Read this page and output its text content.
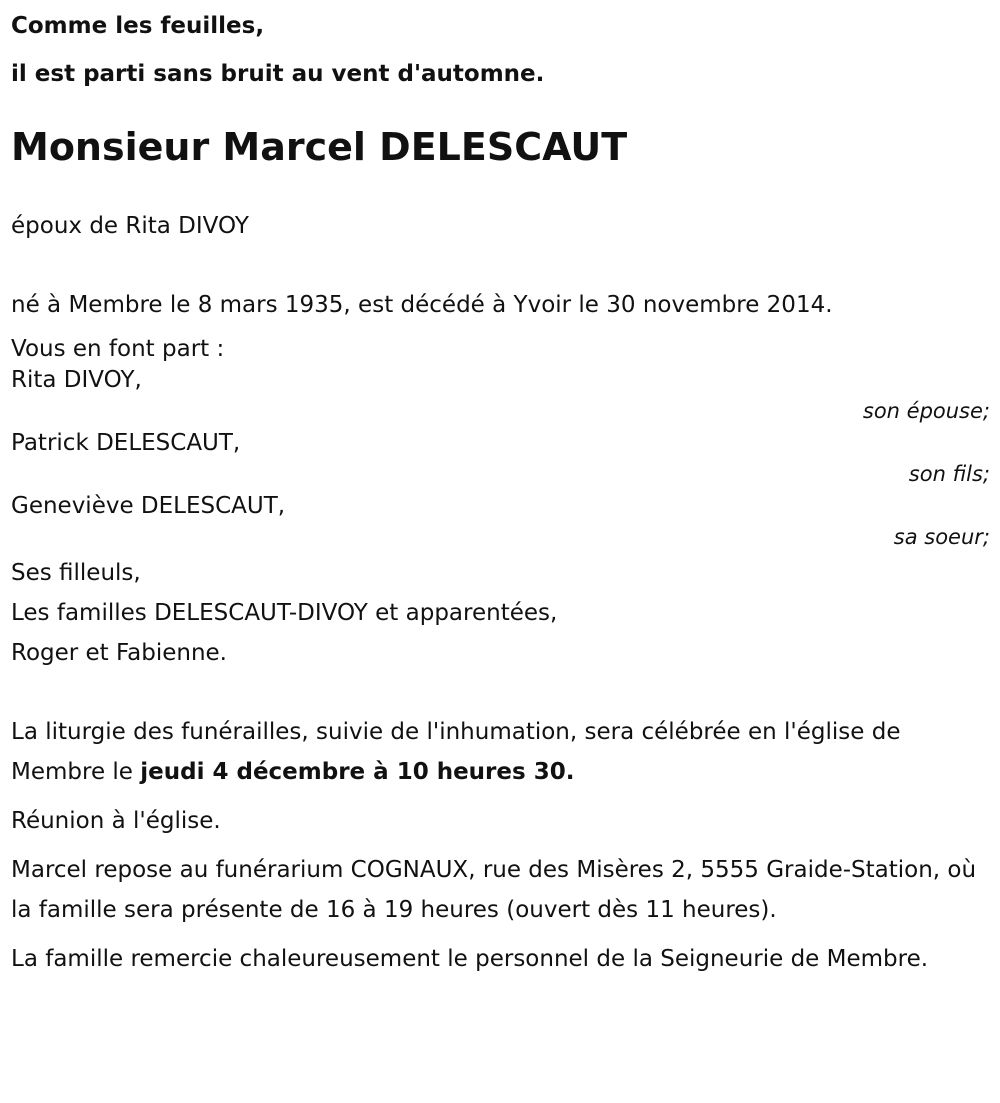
Comme les feuilles,
il est parti sans bruit au vent d'automne.
Monsieur Marcel DELESCAUT
époux de Rita DIVOY
né à Membre le 8 mars 1935, est décédé à Yvoir le 30 novembre 2014.
Vous en font part :
Rita DIVOY,
son épouse;
Patrick DELESCAUT,
son fils;
Geneviève DELESCAUT,
sa soeur;
Ses filleuls,
Les familles DELESCAUT-DIVOY et apparentées,
Roger et Fabienne.
La liturgie des funérailles, suivie de l'inhumation, sera célébrée en l'église de Membre le jeudi 4 décembre à 10 heures 30.
Réunion à l'église.
Marcel repose au funérarium COGNAUX, rue des Misères 2, 5555 Graide-Station, où la famille sera présente de 16 à 19 heures (ouvert dès 11 heures).
La famille remercie chaleureusement le personnel de la Seigneurie de Membre.
